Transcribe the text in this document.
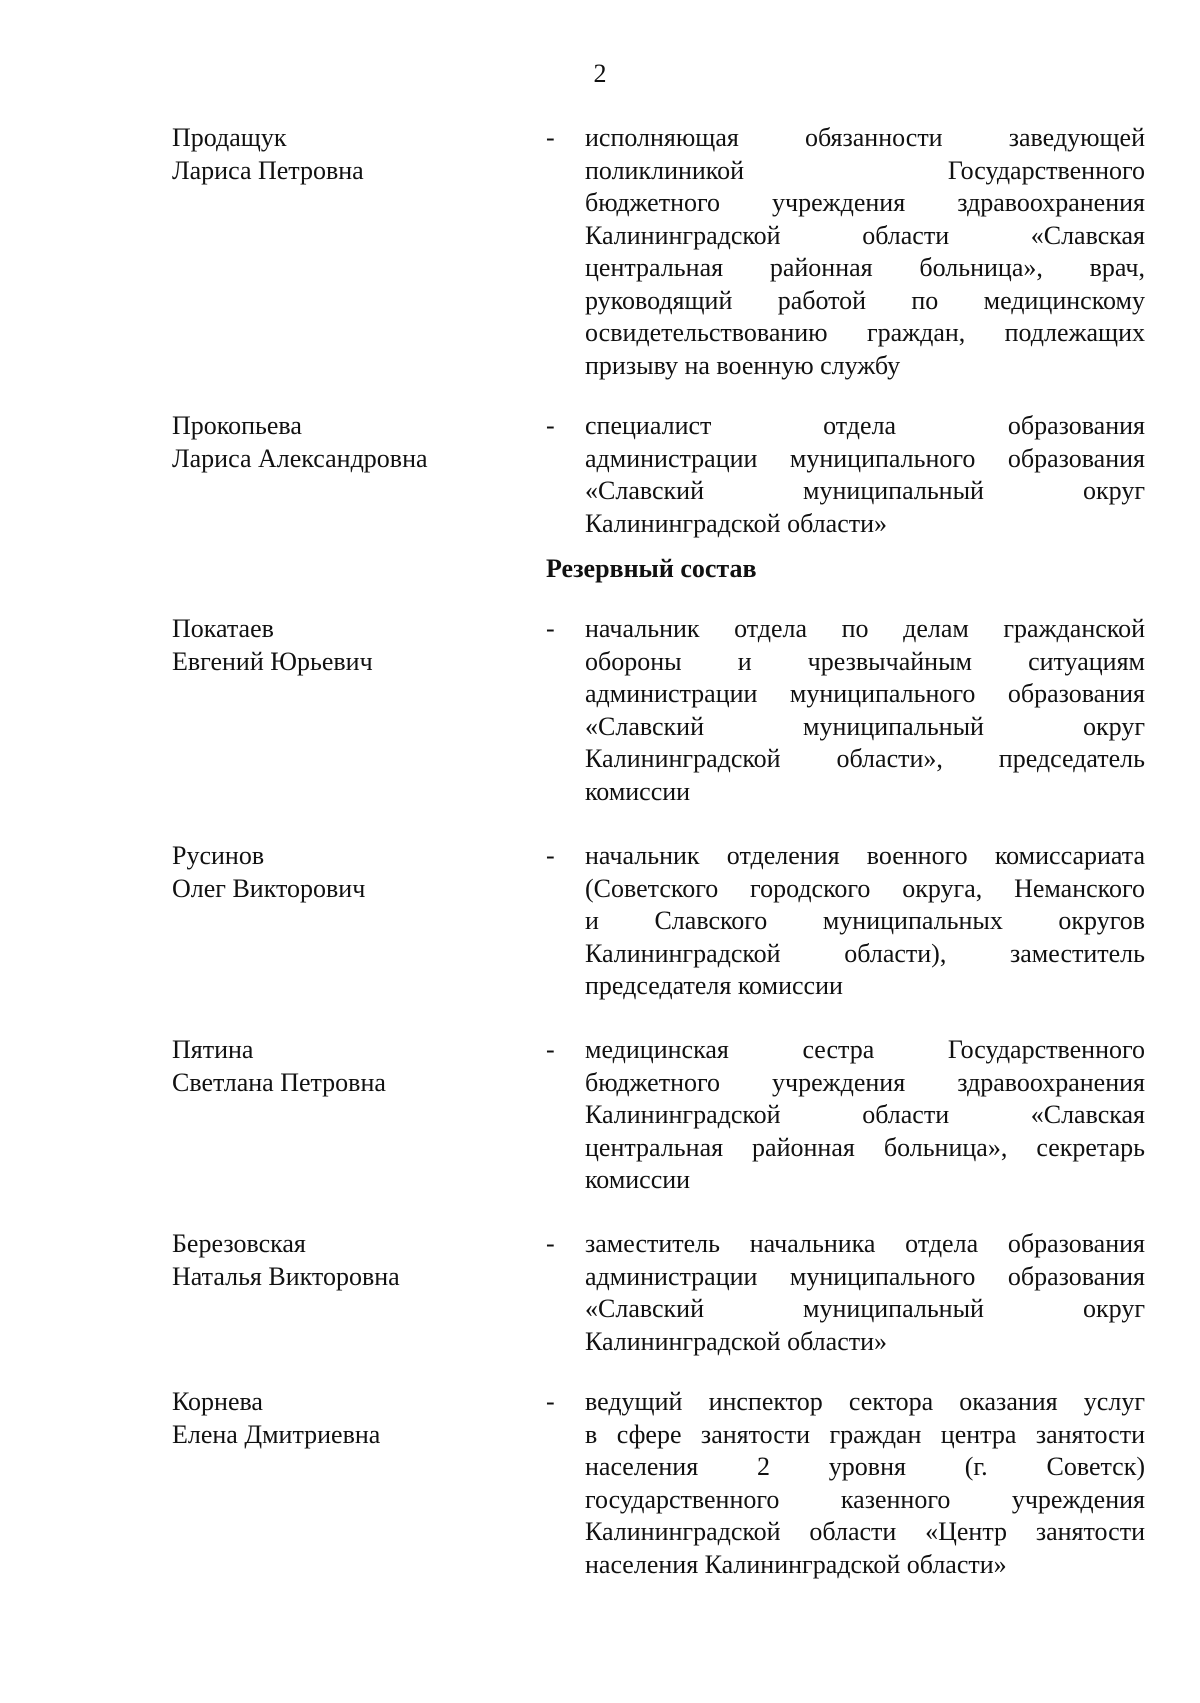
2
Продащук
Лариса Петровна
- исполняющая обязанности заведующей
поликлиникой Государственного
бюджетного учреждения здравоохранения
Калининградской области «Славская
центральная районная больница», врач,
руководящий работой по медицинскому
освидетельствованию граждан, подлежащих
призыву на военную службу
Прокопьева
Лариса Александровна
- специалист отдела образования
администрации муниципального образования
«Славский муниципальный округ
Калининградской области»
Резервный состав
Покатаев
Евгений Юрьевич
- начальник отдела по делам гражданской
обороны и чрезвычайным ситуациям
администрации муниципального образования
«Славский муниципальный округ
Калининградской области», председатель
комиссии
Русинов
Олег Викторович
- начальник отделения военного комиссариата
(Советского городского округа, Неманского
и Славского муниципальных округов
Калининградской области), заместитель
председателя комиссии
Пятина
Светлана Петровна
- медицинская сестра Государственного
бюджетного учреждения здравоохранения
Калининградской области «Славская
центральная районная больница», секретарь
комиссии
Березовская
Наталья Викторовна
- заместитель начальника отдела образования
администрации муниципального образования
«Славский муниципальный округ
Калининградской области»
Корнева
Елена Дмитриевна
- ведущий инспектор сектора оказания услуг
в сфере занятости граждан центра занятости
населения 2 уровня (г. Советск)
государственного казенного учреждения
Калининградской области «Центр занятости
населения Калининградской области»
